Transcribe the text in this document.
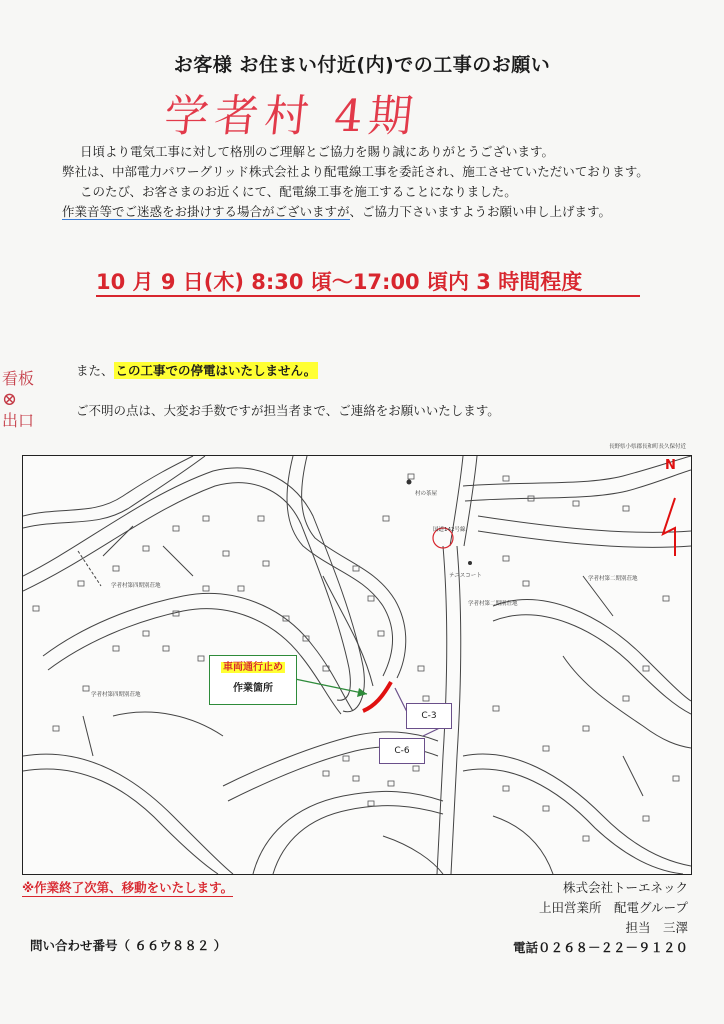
お客様 お住まい付近(内)での工事のお願い
学者村 4期
日頃より電気工事に対して格別のご理解とご協力を賜り誠にありがとうございます。
弊社は、中部電力パワーグリッド株式会社より配電線工事を委託され、施工させていただいております。
このたび、お客さまのお近くにて、配電線工事を施工することになりました。
作業音等でご迷惑をお掛けする場合がございますが、ご協力下さいますようお願い申し上げます。
10 月 9 日(木) 8:30 頃～17:00 頃内 3 時間程度
看板
⊗
出口
また、 この工事での停電はいたしません。
ご不明の点は、大変お手数ですが担当者まで、ご連絡をお願いいたします。
長野県小県郡長和町長久保付近
村の茶屋
国道142号線
テニスコート
学者村第四期別荘地
学者村第二期別荘地
学者村第二期別荘地
学者村第四期別荘地
N
車両通行止め
作業箇所
C-3
C-6
※作業終了次第、移動をいたします。
問い合わせ番号（ ６６ウ８８２ ）
株式会社トーエネック
上田営業所　配電グループ
担当　三澤
電話０２６８－２２－９１２０
